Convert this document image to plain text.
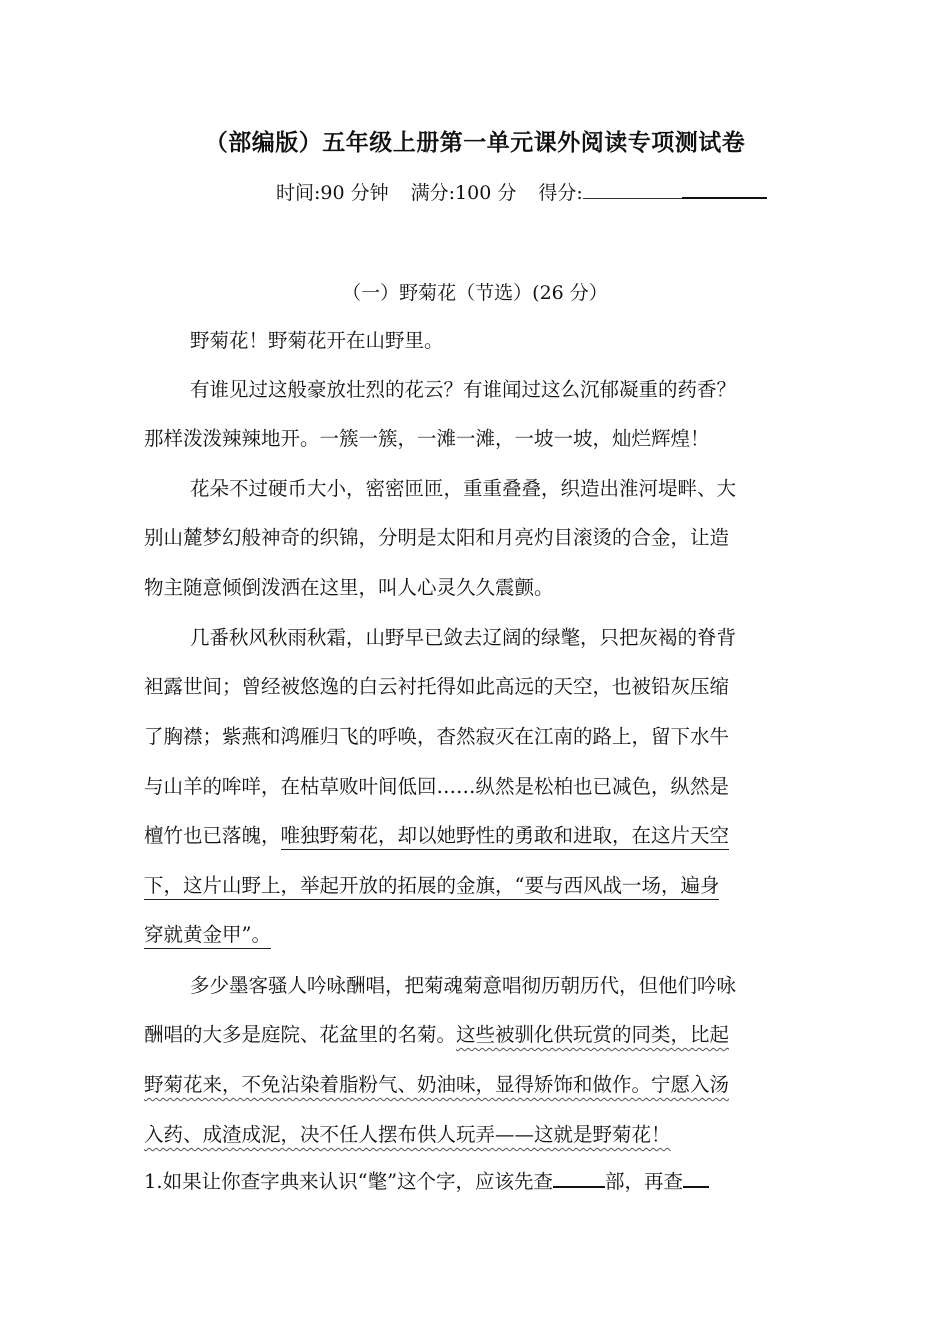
（部编版）五年级上册第一单元课外阅读专项测试卷
时间:90 分钟 满分:100 分 得分:
（一）野菊花（节选）(26 分）
野菊花！野菊花开在山野里。
有谁见过这般豪放壮烈的花云？有谁闻过这么沉郁凝重的药香？
那样泼泼辣辣地开。一簇一簇，一滩一滩，一坡一坡，灿烂辉煌！
花朵不过硬币大小，密密匝匝，重重叠叠，织造出淮河堤畔、大
别山麓梦幻般神奇的织锦，分明是太阳和月亮灼目滚烫的合金，让造
物主随意倾倒泼洒在这里，叫人心灵久久震颤。
几番秋风秋雨秋霜，山野早已敛去辽阔的绿氅，只把灰褐的脊背
袒露世间；曾经被悠逸的白云衬托得如此高远的天空，也被铅灰压缩
了胸襟；紫燕和鸿雁归飞的呼唤，杳然寂灭在江南的路上，留下水牛
与山羊的哞咩，在枯草败叶间低回……纵然是松柏也已减色，纵然是
檀竹也已落魄，唯独野菊花，却以她野性的勇敢和进取，在这片天空
下，这片山野上，举起开放的拓展的金旗，“要与西风战一场，遍身
穿就黄金甲”。
多少墨客骚人吟咏酬唱，把菊魂菊意唱彻历朝历代，但他们吟咏
酬唱的大多是庭院、花盆里的名菊。这些被驯化供玩赏的同类，比起
野菊花来，不免沾染着脂粉气、奶油味，显得矫饰和做作。宁愿入汤
入药、成渣成泥，决不任人摆布供人玩弄——这就是野菊花！
1.如果让你查字典来认识“氅”这个字，应该先查	部，再查
